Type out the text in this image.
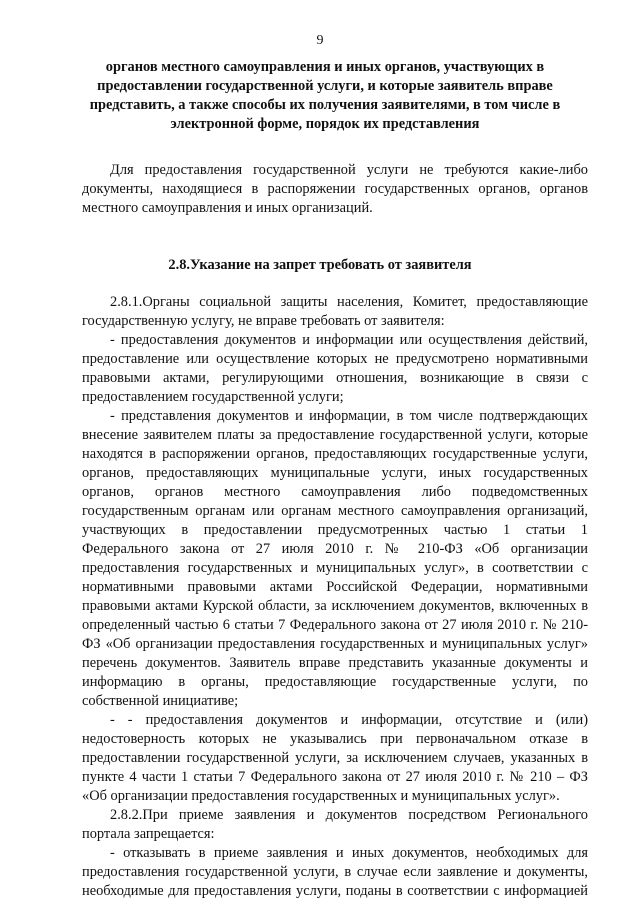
9
органов местного самоуправления и иных органов, участвующих в
предоставлении государственной услуги, и которые заявитель вправе
представить, а также способы их получения заявителями, в том числе в
электронной форме, порядок их представления
Для предоставления государственной услуги не требуются какие-либо
документы, находящиеся в распоряжении государственных органов, органов
местного самоуправления и иных организаций.
2.8.Указание на запрет требовать от заявителя
2.8.1.Органы социальной защиты населения, Комитет, предоставляющие
государственную услугу, не вправе требовать от заявителя:
- предоставления документов и информации или осуществления действий,
предоставление или осуществление которых не предусмотрено нормативными
правовыми актами, регулирующими отношения, возникающие в связи с
предоставлением государственной услуги;
- представления документов и информации, в том числе подтверждающих
внесение заявителем платы за предоставление государственной услуги, которые
находятся в распоряжении органов, предоставляющих государственные услуги,
органов, предоставляющих муниципальные услуги, иных государственных
органов, органов местного самоуправления либо подведомственных
государственным органам или органам местного самоуправления организаций,
участвующих в предоставлении предусмотренных частью 1 статьи 1
Федерального закона от 27 июля 2010 г. № 210-ФЗ «Об организации
предоставления государственных и муниципальных услуг», в соответствии с
нормативными правовыми актами Российской Федерации, нормативными
правовыми актами Курской области, за исключением документов, включенных в
определенный частью 6 статьи 7 Федерального закона от 27 июля 2010 г. № 210-
ФЗ «Об организации предоставления государственных и муниципальных услуг»
перечень документов. Заявитель вправе представить указанные документы и
информацию в органы, предоставляющие государственные услуги, по
собственной инициативе;
- - предоставления документов и информации, отсутствие и (или)
недостоверность которых не указывались при первоначальном отказе в
предоставлении государственной услуги, за исключением случаев, указанных в
пункте 4 части 1 статьи 7 Федерального закона от 27 июля 2010 г. № 210 – ФЗ
«Об организации предоставления государственных и муниципальных услуг».
2.8.2.При приеме заявления и документов посредством Регионального
портала запрещается:
- отказывать в приеме заявления и иных документов, необходимых для
предоставления государственной услуги, в случае если заявление и документы,
необходимые для предоставления услуги, поданы в соответствии с информацией
